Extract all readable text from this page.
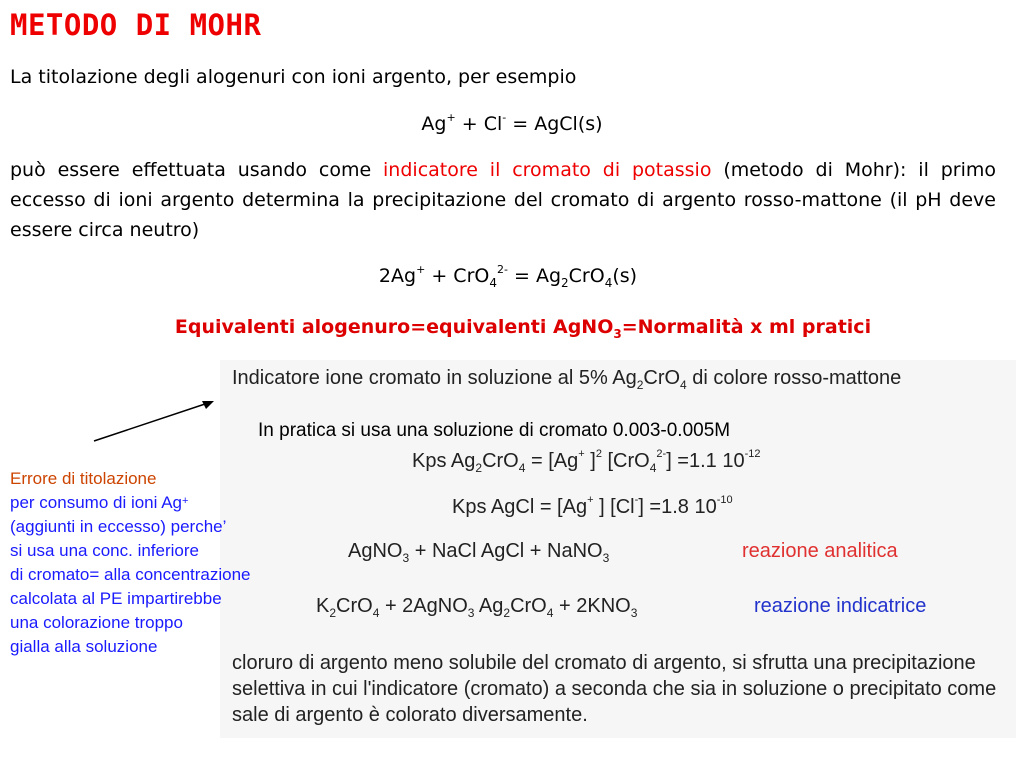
METODO DI MOHR
La titolazione degli alogenuri con ioni argento, per esempio
Ag+ + Cl- = AgCl(s)
può essere effettuata usando come indicatore il cromato di potassio (metodo di Mohr): il primo eccesso di ioni argento determina la precipitazione del cromato di argento rosso-mattone (il pH deve essere circa neutro)
$2Ag^+ + CrO_4^{2-} = Ag_2CrO_4(s)$
Equivalenti alogenuro=equivalenti AgNO$_3$=Normalità x ml pratici
Indicatore ione cromato in soluzione al 5% $Ag_2CrO_4$ di colore rosso-mattone
Kps $Ag_2CrO_4 = [Ag^+$ ]$^2$ [CrO$_4^{2-}$] =1.1 $10^{-12}$
Kps AgCl = [Ag+ ] [Cl-] =1.8 $10^{-10}$
AgNO$_3$ + NaCl AgCl + NaNO$_3$	reazione analitica
$K_2CrO_4$ + 2AgNO$_3$ $Ag_2CrO_4 + 2KNO_3$	reazione indicatrice
cloruro di argento meno solubile del cromato di argento, si sfrutta una precipitazione selettiva in cui l'indicatore (cromato) a seconda che sia in soluzione o precipitato come sale di argento è colorato diversamente.
In pratica si usa una soluzione di cromato 0.003-0.005M
Errore di titolazione
per consumo di ioni Ag+
(aggiunti in eccesso) perche’
si usa una conc. inferiore
di cromato= alla concentrazione
calcolata al PE impartirebbe
una colorazione troppo
gialla alla soluzione
